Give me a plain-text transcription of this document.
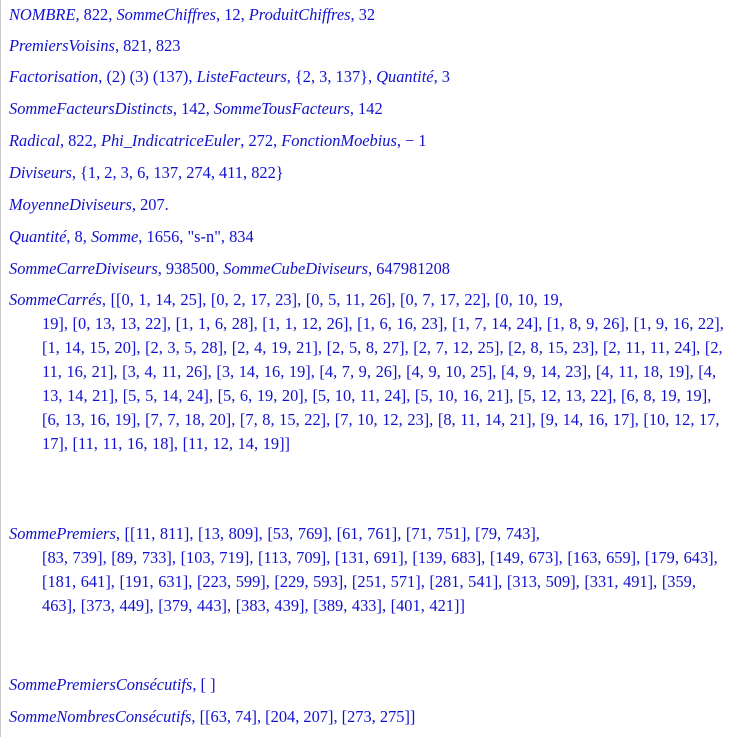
NOMBRE, 822, SommeChiffres, 12, ProduitChiffres, 32
PremiersVoisins, 821, 823
Factorisation, (2) (3) (137), ListeFacteurs, {2, 3, 137}, Quantité, 3
SommeFacteursDistincts, 142, SommeTousFacteurs, 142
Radical, 822, Phi_IndicatriceEuler, 272, FonctionMoebius, − 1
Diviseurs, {1, 2, 3, 6, 137, 274, 411, 822}
MoyenneDiviseurs, 207.
Quantité, 8, Somme, 1656, "s-n", 834
SommeCarreDiviseurs, 938500, SommeCubeDiviseurs, 647981208
SommeCarrés, [[0, 1, 14, 25], [0, 2, 17, 23], [0, 5, 11, 26], [0, 7, 17, 22], [0, 10, 19,
19], [0, 13, 13, 22], [1, 1, 6, 28], [1, 1, 12, 26], [1, 6, 16, 23], [1, 7, 14, 24], [1, 8, 9, 26], [1, 9, 16, 22], [1, 14, 15, 20], [2, 3, 5, 28], [2, 4, 19, 21], [2, 5, 8, 27], [2, 7, 12, 25], [2, 8, 15, 23], [2, 11, 11, 24], [2, 11, 16, 21], [3, 4, 11, 26], [3, 14, 16, 19], [4, 7, 9, 26], [4, 9, 10, 25], [4, 9, 14, 23], [4, 11, 18, 19], [4, 13, 14, 21], [5, 5, 14, 24], [5, 6, 19, 20], [5, 10, 11, 24], [5, 10, 16, 21], [5, 12, 13, 22], [6, 8, 19, 19], [6, 13, 16, 19], [7, 7, 18, 20], [7, 8, 15, 22], [7, 10, 12, 23], [8, 11, 14, 21], [9, 14, 16, 17], [10, 12, 17, 17], [11, 11, 16, 18], [11, 12, 14, 19]]
SommePremiers, [[11, 811], [13, 809], [53, 769], [61, 761], [71, 751], [79, 743],
[83, 739], [89, 733], [103, 719], [113, 709], [131, 691], [139, 683], [149, 673], [163, 659], [179, 643], [181, 641], [191, 631], [223, 599], [229, 593], [251, 571], [281, 541], [313, 509], [331, 491], [359, 463], [373, 449], [379, 443], [383, 439], [389, 433], [401, 421]]
SommePremiersConsécutifs, [ ]
SommeNombresConsécutifs, [[63, 74], [204, 207], [273, 275]]
